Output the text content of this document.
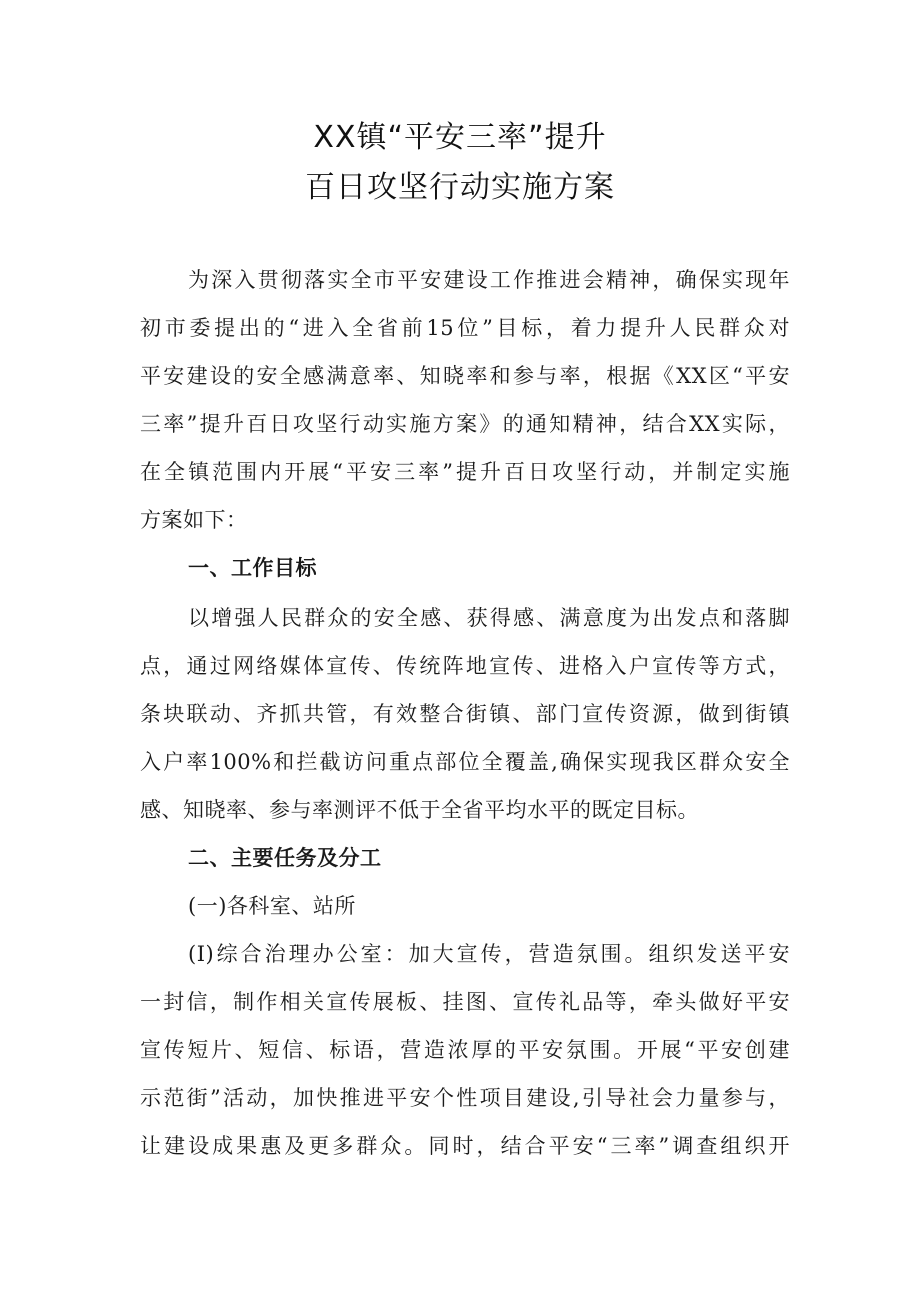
XX镇“平安三率”提升
百日攻坚行动实施方案
为深入贯彻落实全市平安建设工作推进会精神，确保实现年
初市委提出的“进入全省前15位”目标，着力提升人民群众对
平安建设的安全感满意率、知晓率和参与率，根据《XX区“平安
三率”提升百日攻坚行动实施方案》的通知精神，结合XX实际，
在全镇范围内开展“平安三率”提升百日攻坚行动，并制定实施
方案如下：
一、工作目标
以增强人民群众的安全感、获得感、满意度为出发点和落脚
点，通过网络媒体宣传、传统阵地宣传、进格入户宣传等方式，
条块联动、齐抓共管，有效整合街镇、部门宣传资源，做到街镇
入户率100%和拦截访问重点部位全覆盖,确保实现我区群众安全
感、知晓率、参与率测评不低于全省平均水平的既定目标。
二、主要任务及分工
(一)各科室、站所
(I)综合治理办公室：加大宣传，营造氛围。组织发送平安
一封信，制作相关宣传展板、挂图、宣传礼品等，牵头做好平安
宣传短片、短信、标语，营造浓厚的平安氛围。开展“平安创建
示范街”活动，加快推进平安个性项目建设,引导社会力量参与，
让建设成果惠及更多群众。同时，结合平安“三率”调查组织开
